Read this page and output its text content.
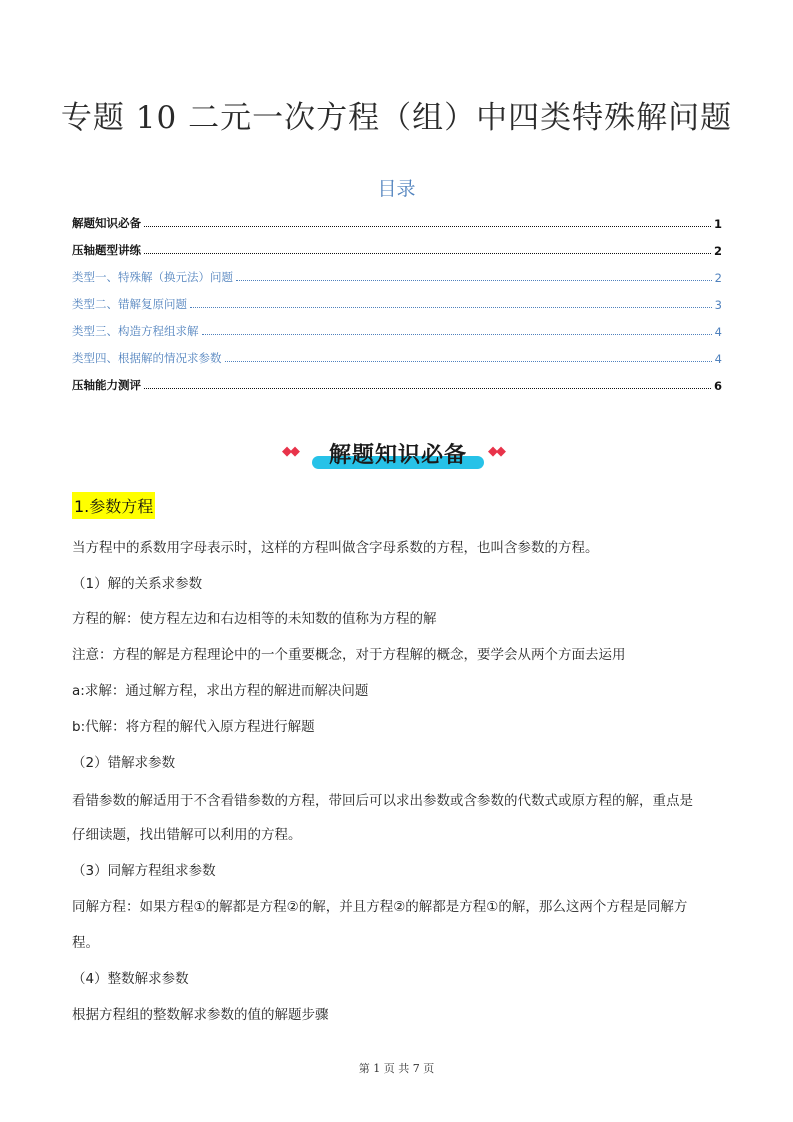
专题 10 二元一次方程（组）中四类特殊解问题
目录
解题知识必备	1
压轴题型讲练	2
类型一、特殊解（换元法）问题	2
类型二、错解复原问题	3
类型三、构造方程组求解	4
类型四、根据解的情况求参数	4
压轴能力测评	6
◆◆	解题知识必备	◆◆
1.参数方程

当方程中的系数用字母表示时，这样的方程叫做含字母系数的方程，也叫含参数的方程。

（1）解的关系求参数

方程的解：使方程左边和右边相等的未知数的值称为方程的解

注意：方程的解是方程理论中的一个重要概念，对于方程解的概念，要学会从两个方面去运用

a:求解：通过解方程，求出方程的解进而解决问题

b:代解：将方程的解代入原方程进行解题

（2）错解求参数

看错参数的解适用于不含看错参数的方程，带回后可以求出参数或含参数的代数式或原方程的解，重点是

仔细读题，找出错解可以利用的方程。

（3）同解方程组求参数

同解方程：如果方程①的解都是方程②的解，并且方程②的解都是方程①的解，那么这两个方程是同解方

程。

（4）整数解求参数

根据方程组的整数解求参数的值的解题步骤

第 1 页 共 7 页
